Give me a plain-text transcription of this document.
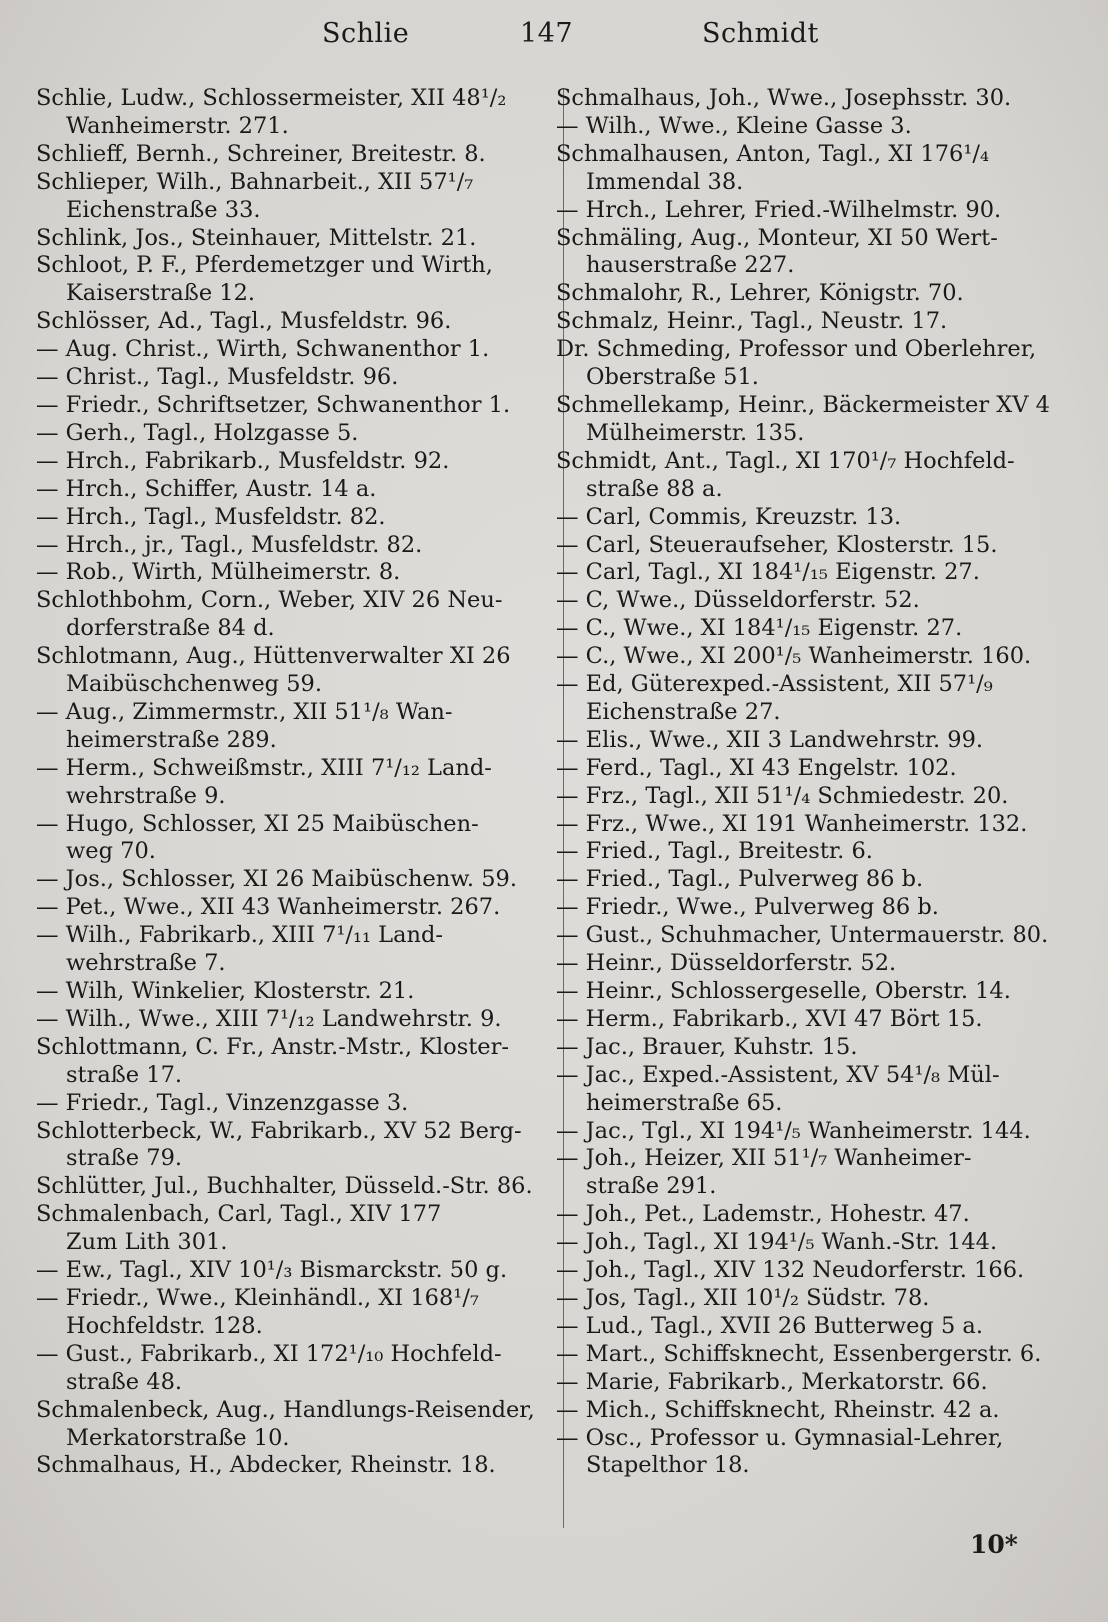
Schlie	147	Schmidt
Schlie, Ludw., Schlossermeister, XII 48¹/₂
Wanheimerstr. 271.
Schlieff, Bernh., Schreiner, Breitestr. 8.
Schlieper, Wilh., Bahnarbeit., XII 57¹/₇
Eichenstraße 33.
Schlink, Jos., Steinhauer, Mittelstr. 21.
Schloot, P. F., Pferdemetzger und Wirth,
Kaiserstraße 12.
Schlösser, Ad., Tagl., Musfeldstr. 96.
— Aug. Christ., Wirth, Schwanenthor 1.
— Christ., Tagl., Musfeldstr. 96.
— Friedr., Schriftsetzer, Schwanenthor 1.
— Gerh., Tagl., Holzgasse 5.
— Hrch., Fabrikarb., Musfeldstr. 92.
— Hrch., Schiffer, Austr. 14 a.
— Hrch., Tagl., Musfeldstr. 82.
— Hrch., jr., Tagl., Musfeldstr. 82.
— Rob., Wirth, Mülheimerstr. 8.
Schlothbohm, Corn., Weber, XIV 26 Neu-
dorferstraße 84 d.
Schlotmann, Aug., Hüttenverwalter XI 26
Maibüschchenweg 59.
— Aug., Zimmermstr., XII 51¹/₈ Wan-
heimerstraße 289.
— Herm., Schweißmstr., XIII 7¹/₁₂ Land-
wehrstraße 9.
— Hugo, Schlosser, XI 25 Maibüschen-
weg 70.
— Jos., Schlosser, XI 26 Maibüschenw. 59.
— Pet., Wwe., XII 43 Wanheimerstr. 267.
— Wilh., Fabrikarb., XIII 7¹/₁₁ Land-
wehrstraße 7.
— Wilh, Winkelier, Klosterstr. 21.
— Wilh., Wwe., XIII 7¹/₁₂ Landwehrstr. 9.
Schlottmann, C. Fr., Anstr.-Mstr., Kloster-
straße 17.
— Friedr., Tagl., Vinzenzgasse 3.
Schlotterbeck, W., Fabrikarb., XV 52 Berg-
straße 79.
Schlütter, Jul., Buchhalter, Düsseld.-Str. 86.
Schmalenbach, Carl, Tagl., XIV 177
Zum Lith 301.
— Ew., Tagl., XIV 10¹/₃ Bismarckstr. 50 g.
— Friedr., Wwe., Kleinhändl., XI 168¹/₇
Hochfeldstr. 128.
— Gust., Fabrikarb., XI 172¹/₁₀ Hochfeld-
straße 48.
Schmalenbeck, Aug., Handlungs-Reisender,
Merkatorstraße 10.
Schmalhaus, H., Abdecker, Rheinstr. 18.
Schmalhaus, Joh., Wwe., Josephsstr. 30.
— Wilh., Wwe., Kleine Gasse 3.
Schmalhausen, Anton, Tagl., XI 176¹/₄
Immendal 38.
— Hrch., Lehrer, Fried.-Wilhelmstr. 90.
Schmäling, Aug., Monteur, XI 50 Wert-
hauserstraße 227.
Schmalohr, R., Lehrer, Königstr. 70.
Schmalz, Heinr., Tagl., Neustr. 17.
Dr. Schmeding, Professor und Oberlehrer,
Oberstraße 51.
Schmellekamp, Heinr., Bäckermeister XV 4
Mülheimerstr. 135.
Schmidt, Ant., Tagl., XI 170¹/₇ Hochfeld-
straße 88 a.
— Carl, Commis, Kreuzstr. 13.
— Carl, Steueraufseher, Klosterstr. 15.
— Carl, Tagl., XI 184¹/₁₅ Eigenstr. 27.
— C, Wwe., Düsseldorferstr. 52.
— C., Wwe., XI 184¹/₁₅ Eigenstr. 27.
— C., Wwe., XI 200¹/₅ Wanheimerstr. 160.
— Ed, Güterexped.-Assistent, XII 57¹/₉
Eichenstraße 27.
— Elis., Wwe., XII 3 Landwehrstr. 99.
— Ferd., Tagl., XI 43 Engelstr. 102.
— Frz., Tagl., XII 51¹/₄ Schmiedestr. 20.
— Frz., Wwe., XI 191 Wanheimerstr. 132.
— Fried., Tagl., Breitestr. 6.
— Fried., Tagl., Pulverweg 86 b.
— Friedr., Wwe., Pulverweg 86 b.
— Gust., Schuhmacher, Untermauerstr. 80.
— Heinr., Düsseldorferstr. 52.
— Heinr., Schlossergeselle, Oberstr. 14.
— Herm., Fabrikarb., XVI 47 Bört 15.
— Jac., Brauer, Kuhstr. 15.
— Jac., Exped.-Assistent, XV 54¹/₈ Mül-
heimerstraße 65.
— Jac., Tgl., XI 194¹/₅ Wanheimerstr. 144.
— Joh., Heizer, XII 51¹/₇ Wanheimer-
straße 291.
— Joh., Pet., Lademstr., Hohestr. 47.
— Joh., Tagl., XI 194¹/₅ Wanh.-Str. 144.
— Joh., Tagl., XIV 132 Neudorferstr. 166.
— Jos, Tagl., XII 10¹/₂ Südstr. 78.
— Lud., Tagl., XVII 26 Butterweg 5 a.
— Mart., Schiffsknecht, Essenbergerstr. 6.
— Marie, Fabrikarb., Merkatorstr. 66.
— Mich., Schiffsknecht, Rheinstr. 42 a.
— Osc., Professor u. Gymnasial-Lehrer,
Stapelthor 18.
10*
